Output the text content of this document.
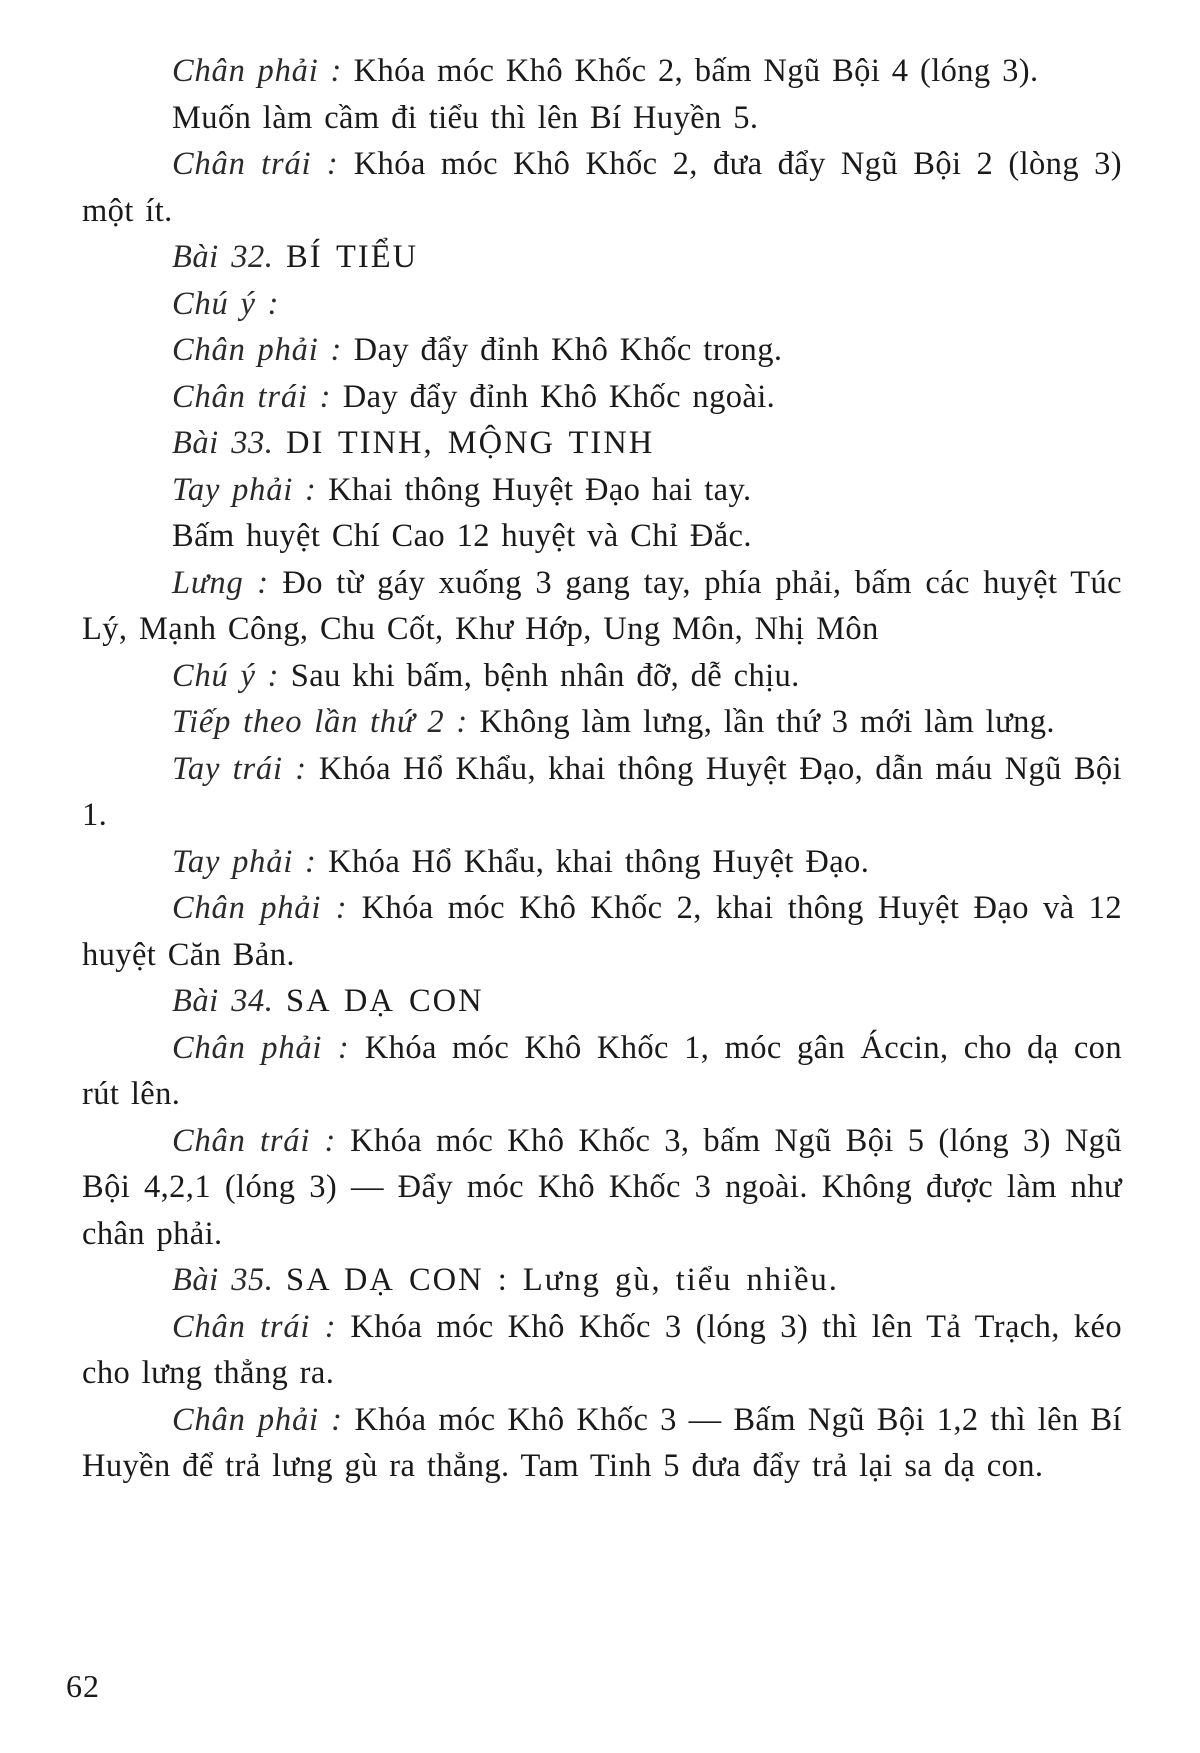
Chân phải : Khóa móc Khô Khốc 2, bấm Ngũ Bội 4 (lóng 3).

Muốn làm cầm đi tiểu thì lên Bí Huyền 5.

Chân trái : Khóa móc Khô Khốc 2, đưa đẩy Ngũ Bội 2 (lòng 3) một ít.

Bài 32. BÍ TIỂU

Chú ý :

Chân phải : Day đẩy đỉnh Khô Khốc trong.

Chân trái : Day đẩy đỉnh Khô Khốc ngoài.

Bài 33. DI TINH, MỘNG TINH

Tay phải : Khai thông Huyệt Đạo hai tay.

Bấm huyệt Chí Cao 12 huyệt và Chỉ Đắc.

Lưng : Đo từ gáy xuống 3 gang tay, phía phải, bấm các huyệt Túc Lý, Mạnh Công, Chu Cốt, Khư Hớp, Ung Môn, Nhị Môn

Chú ý : Sau khi bấm, bệnh nhân đỡ, dễ chịu.

Tiếp theo lần thứ 2 : Không làm lưng, lần thứ 3 mới làm lưng.

Tay trái : Khóa Hổ Khẩu, khai thông Huyệt Đạo, dẫn máu Ngũ Bội 1.

Tay phải : Khóa Hổ Khẩu, khai thông Huyệt Đạo.

Chân phải : Khóa móc Khô Khốc 2, khai thông Huyệt Đạo và 12 huyệt Căn Bản.

Bài 34. SA DẠ CON

Chân phải : Khóa móc Khô Khốc 1, móc gân Áccin, cho dạ con rút lên.

Chân trái : Khóa móc Khô Khốc 3, bấm Ngũ Bội 5 (lóng 3) Ngũ Bội 4,2,1 (lóng 3) — Đẩy móc Khô Khốc 3 ngoài. Không được làm như chân phải.

Bài 35. SA DẠ CON : Lưng gù, tiểu nhiều.

Chân trái : Khóa móc Khô Khốc 3 (lóng 3) thì lên Tả Trạch, kéo cho lưng thẳng ra.

Chân phải : Khóa móc Khô Khốc 3 — Bấm Ngũ Bội 1,2 thì lên Bí Huyền để trả lưng gù ra thẳng. Tam Tinh 5 đưa đẩy trả lại sa dạ con.

62
